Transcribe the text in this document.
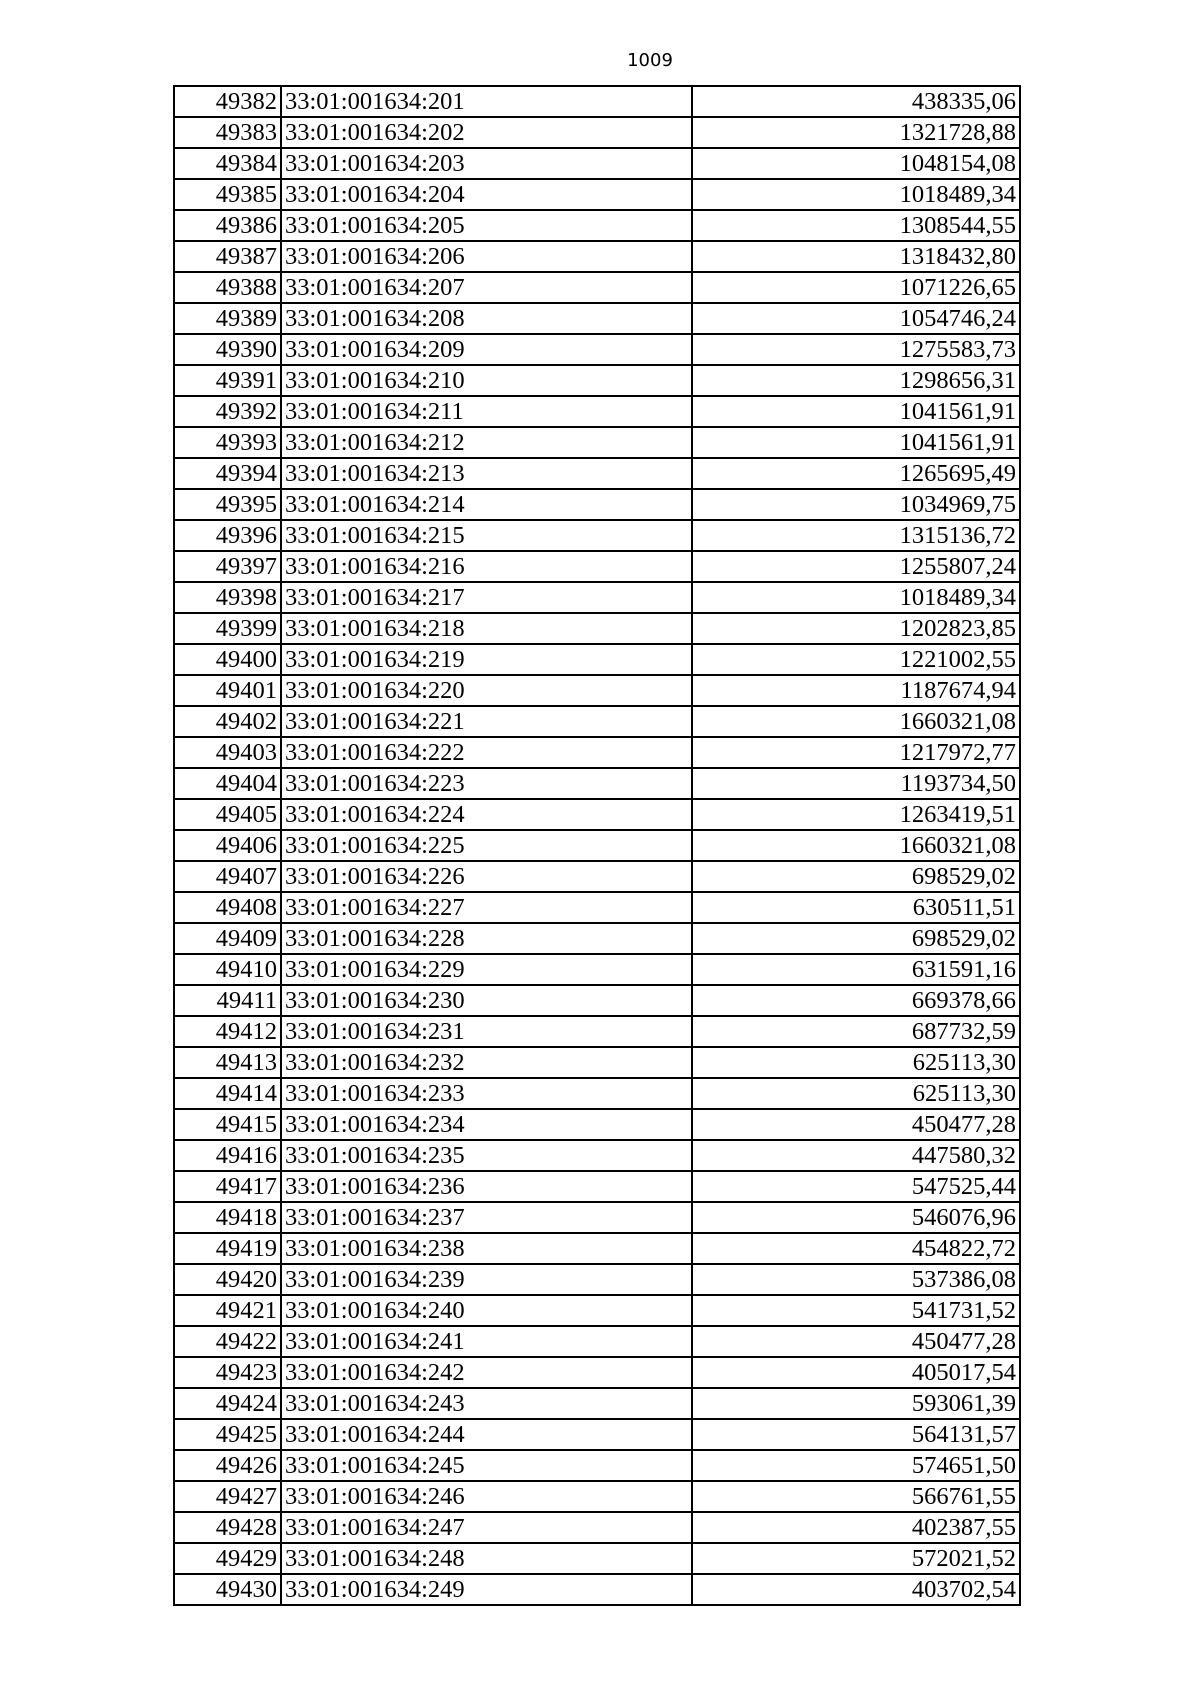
1009
49382	33:01:001634:201	438335,06
49383	33:01:001634:202	1321728,88
49384	33:01:001634:203	1048154,08
49385	33:01:001634:204	1018489,34
49386	33:01:001634:205	1308544,55
49387	33:01:001634:206	1318432,80
49388	33:01:001634:207	1071226,65
49389	33:01:001634:208	1054746,24
49390	33:01:001634:209	1275583,73
49391	33:01:001634:210	1298656,31
49392	33:01:001634:211	1041561,91
49393	33:01:001634:212	1041561,91
49394	33:01:001634:213	1265695,49
49395	33:01:001634:214	1034969,75
49396	33:01:001634:215	1315136,72
49397	33:01:001634:216	1255807,24
49398	33:01:001634:217	1018489,34
49399	33:01:001634:218	1202823,85
49400	33:01:001634:219	1221002,55
49401	33:01:001634:220	1187674,94
49402	33:01:001634:221	1660321,08
49403	33:01:001634:222	1217972,77
49404	33:01:001634:223	1193734,50
49405	33:01:001634:224	1263419,51
49406	33:01:001634:225	1660321,08
49407	33:01:001634:226	698529,02
49408	33:01:001634:227	630511,51
49409	33:01:001634:228	698529,02
49410	33:01:001634:229	631591,16
49411	33:01:001634:230	669378,66
49412	33:01:001634:231	687732,59
49413	33:01:001634:232	625113,30
49414	33:01:001634:233	625113,30
49415	33:01:001634:234	450477,28
49416	33:01:001634:235	447580,32
49417	33:01:001634:236	547525,44
49418	33:01:001634:237	546076,96
49419	33:01:001634:238	454822,72
49420	33:01:001634:239	537386,08
49421	33:01:001634:240	541731,52
49422	33:01:001634:241	450477,28
49423	33:01:001634:242	405017,54
49424	33:01:001634:243	593061,39
49425	33:01:001634:244	564131,57
49426	33:01:001634:245	574651,50
49427	33:01:001634:246	566761,55
49428	33:01:001634:247	402387,55
49429	33:01:001634:248	572021,52
49430	33:01:001634:249	403702,54
